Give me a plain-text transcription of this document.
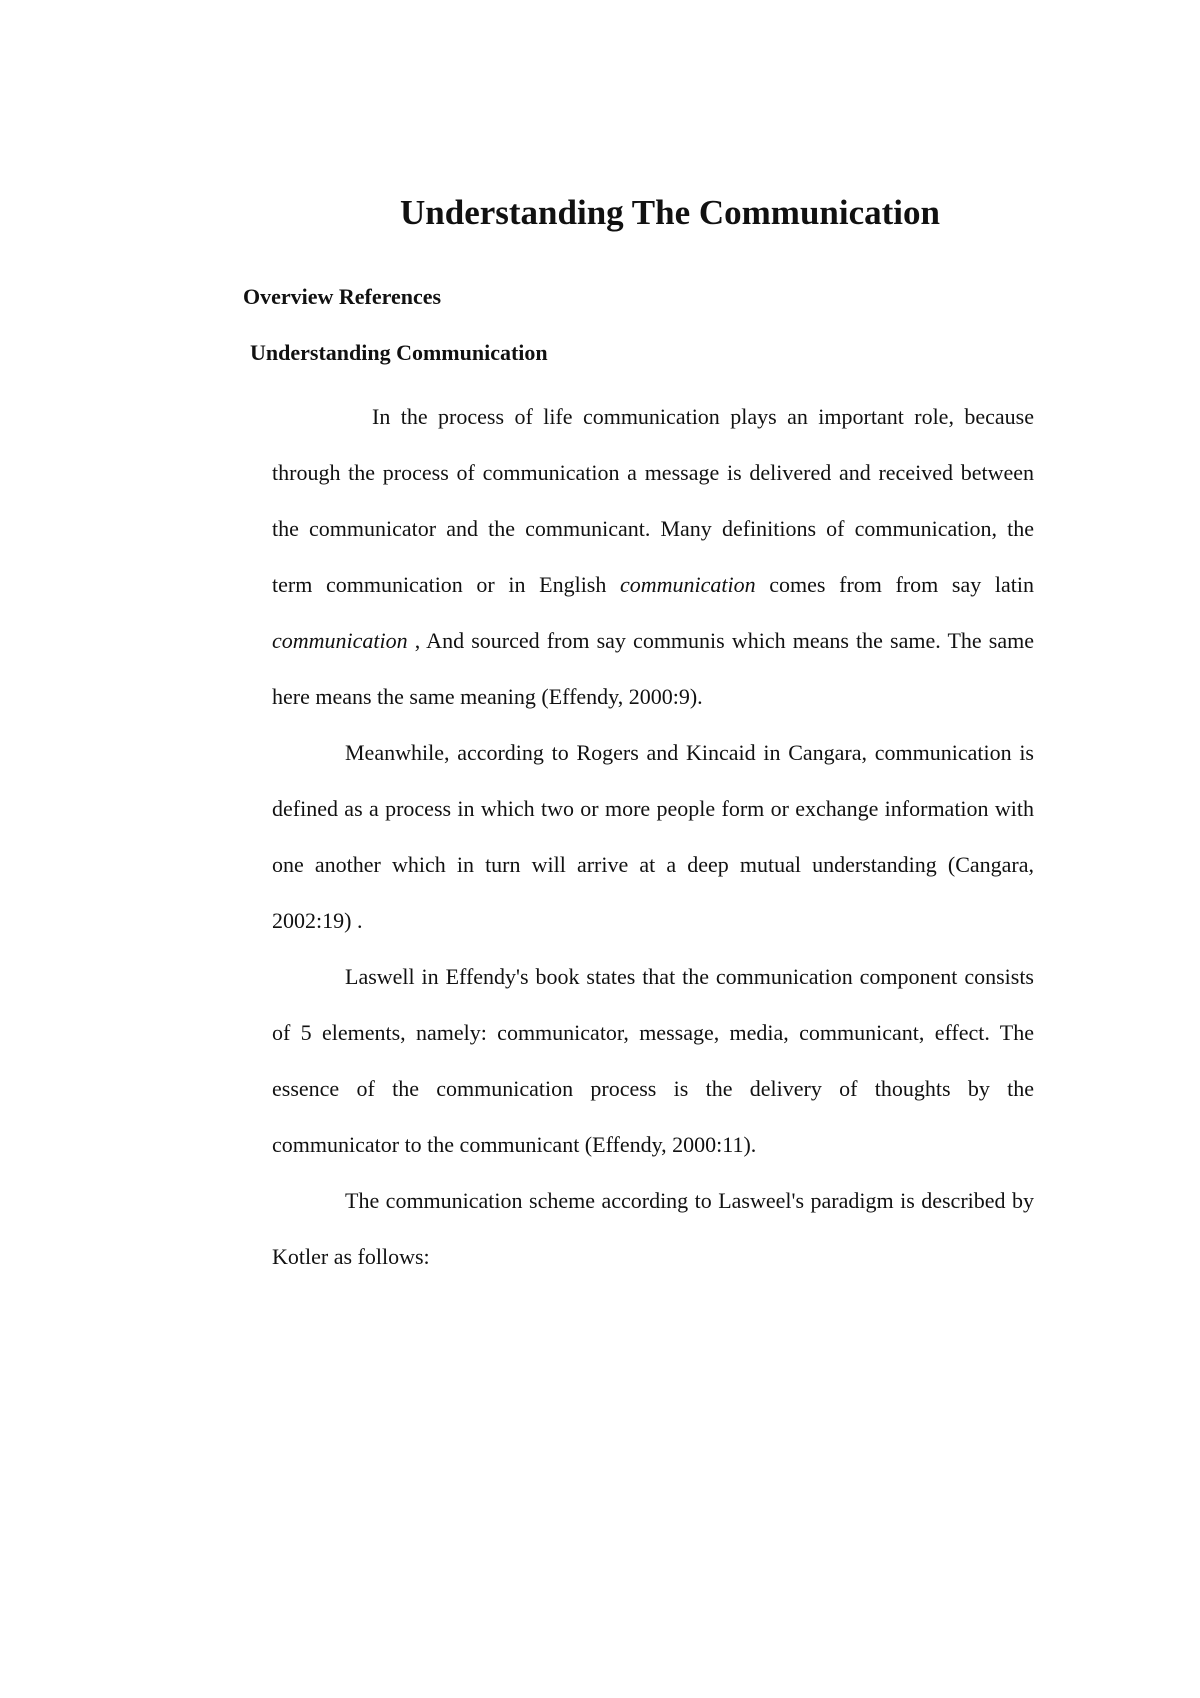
Understanding The Communication
Overview References
Understanding Communication

In the process of life communication plays an important role, because through the process of communication a message is delivered and received between the communicator and the communicant. Many definitions of communication, the term communication or in English communication comes from from say latin communication , And sourced from say communis which means the same. The same here means the same meaning (Effendy, 2000:9).

Meanwhile, according to Rogers and Kincaid in Cangara, communication is defined as a process in which two or more people form or exchange information with one another which in turn will arrive at a deep mutual understanding (Cangara, 2002:19) .

Laswell in Effendy's book states that the communication component consists of 5 elements, namely: communicator, message, media, communicant, effect. The essence of the communication process is the delivery of thoughts by the communicator to the communicant (Effendy, 2000:11).

The communication scheme according to Lasweel's paradigm is described by Kotler as follows:
